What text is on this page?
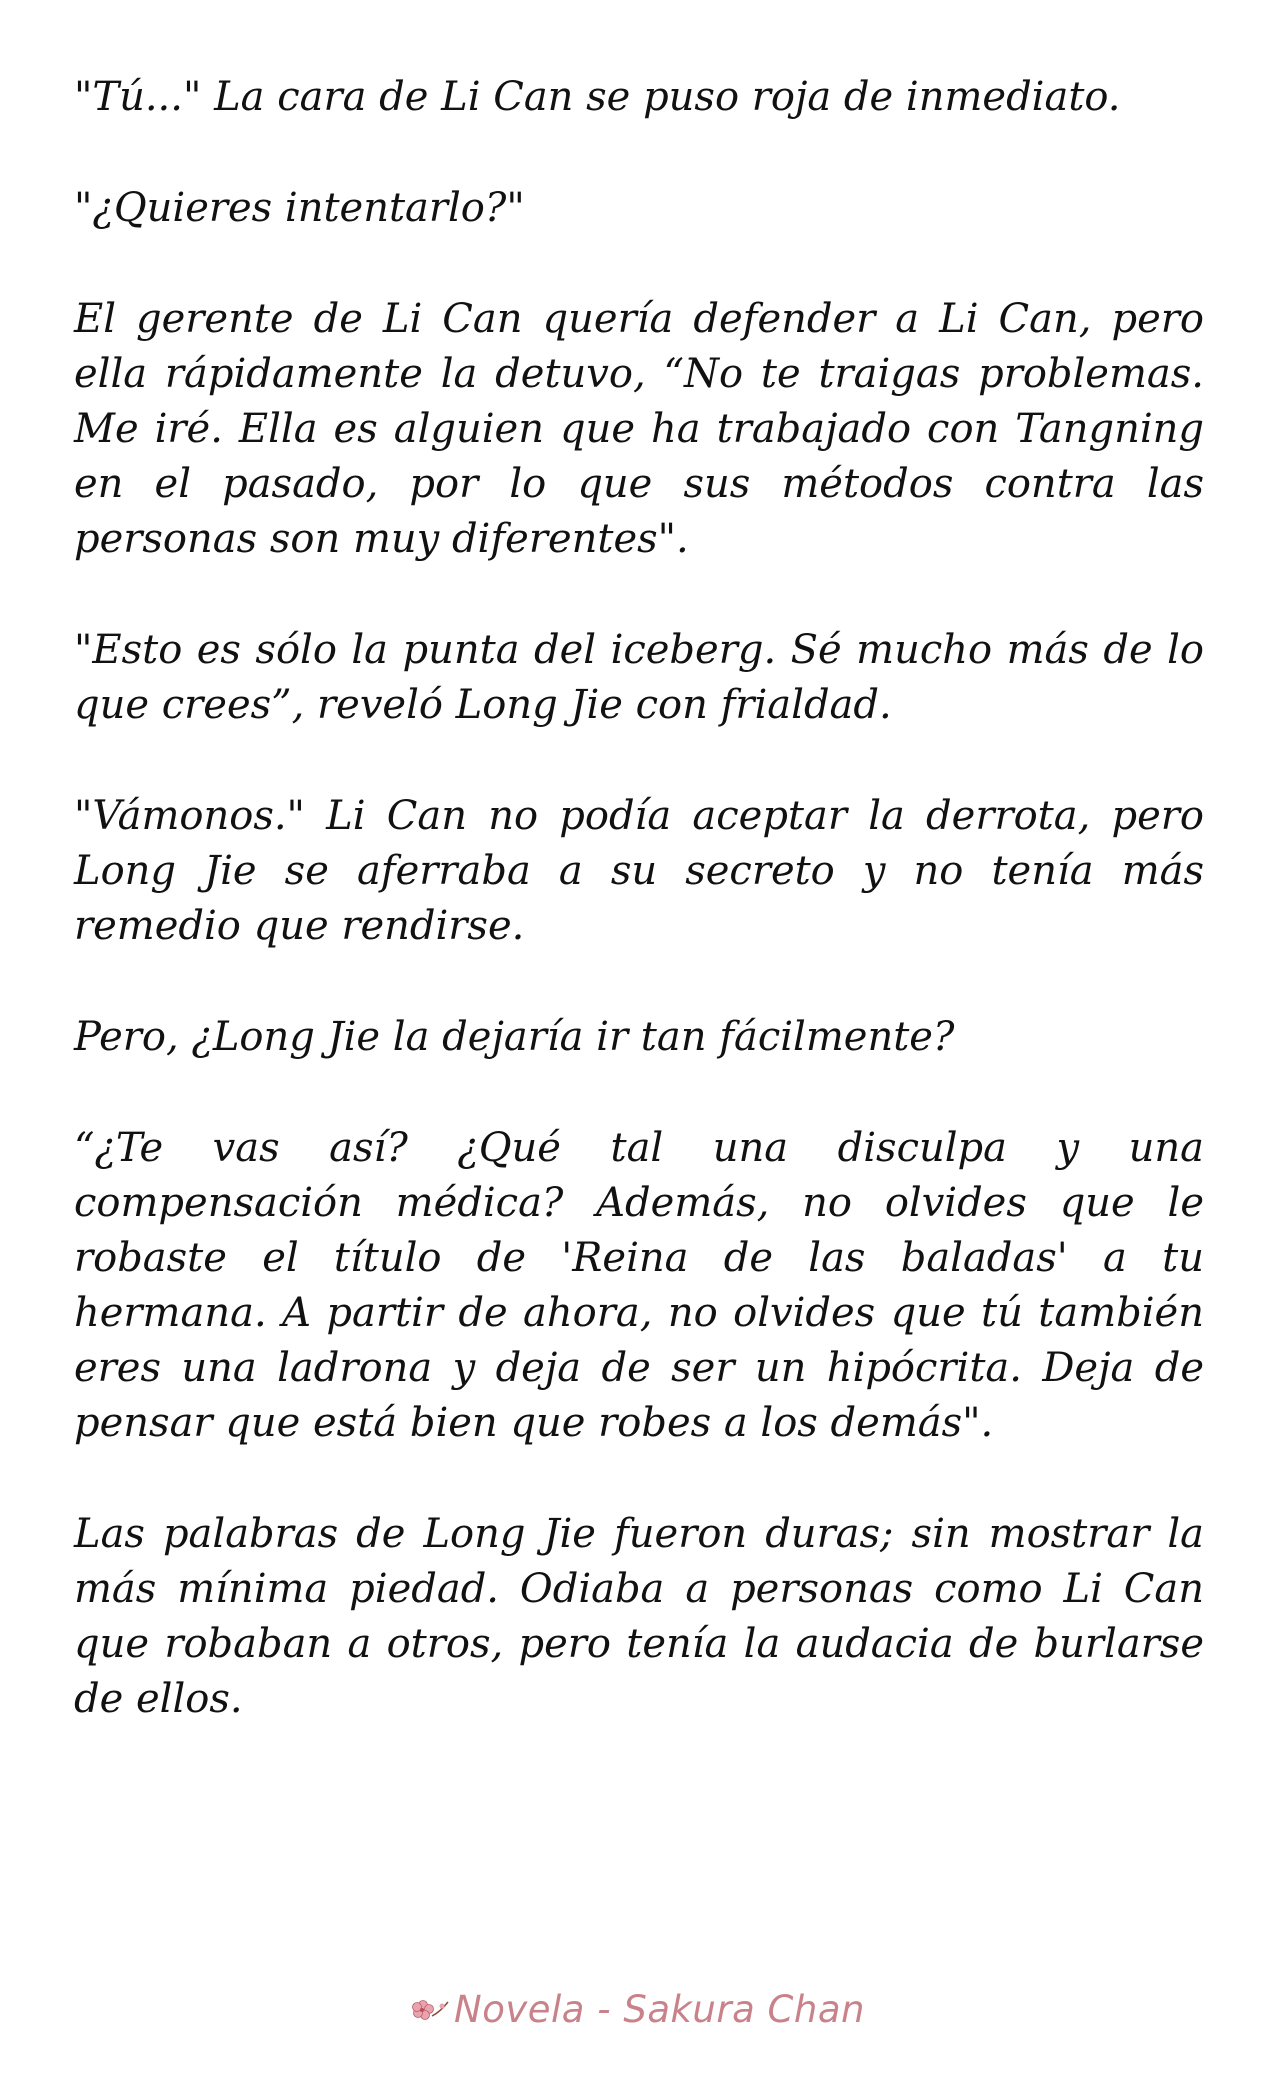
"Tú..." La cara de Li Can se puso roja de inmediato.

"¿Quieres intentarlo?"

El gerente de Li Can quería defender a Li Can, pero ella rápidamente la detuvo, “No te traigas problemas. Me iré. Ella es alguien que ha trabajado con Tangning en el pasado, por lo que sus métodos contra las personas son muy diferentes".

"Esto es sólo la punta del iceberg. Sé mucho más de lo que crees”, reveló Long Jie con frialdad.

"Vámonos." Li Can no podía aceptar la derrota, pero Long Jie se aferraba a su secreto y no tenía más remedio que rendirse.

Pero, ¿Long Jie la dejaría ir tan fácilmente?

“¿Te vas así? ¿Qué tal una disculpa y una compensación médica? Además, no olvides que le robaste el título de 'Reina de las baladas' a tu hermana. A partir de ahora, no olvides que tú también eres una ladrona y deja de ser un hipócrita. Deja de pensar que está bien que robes a los demás".

Las palabras de Long Jie fueron duras; sin mostrar la más mínima piedad. Odiaba a personas como Li Can que robaban a otros, pero tenía la audacia de burlarse de ellos.

Novela - Sakura Chan
